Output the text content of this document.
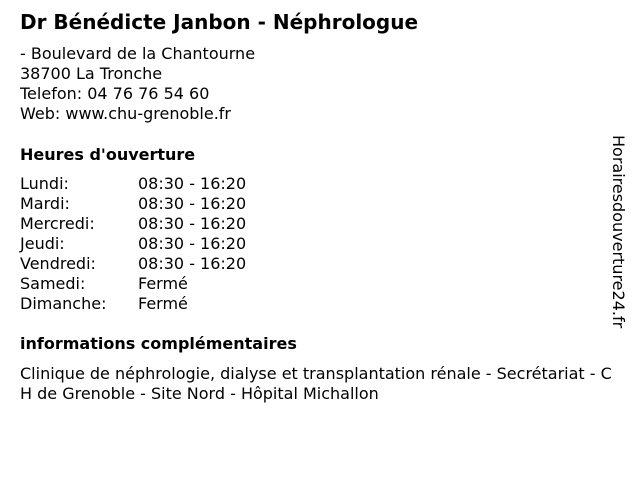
Dr Bénédicte Janbon - Néphrologue
- Boulevard de la Chantourne
38700 La Tronche
Telefon: 04 76 76 54 60
Web: www.chu-grenoble.fr
Heures d'ouverture
Lundi:	08:30 - 16:20
Mardi:	08:30 - 16:20
Mercredi:	08:30 - 16:20
Jeudi:	08:30 - 16:20
Vendredi:	08:30 - 16:20
Samedi:	Fermé
Dimanche:	Fermé
informations complémentaires
Clinique de néphrologie, dialyse et transplantation rénale - Secrétariat - CH de Grenoble - Site Nord - Hôpital Michallon
Horairesdouverture24.fr
